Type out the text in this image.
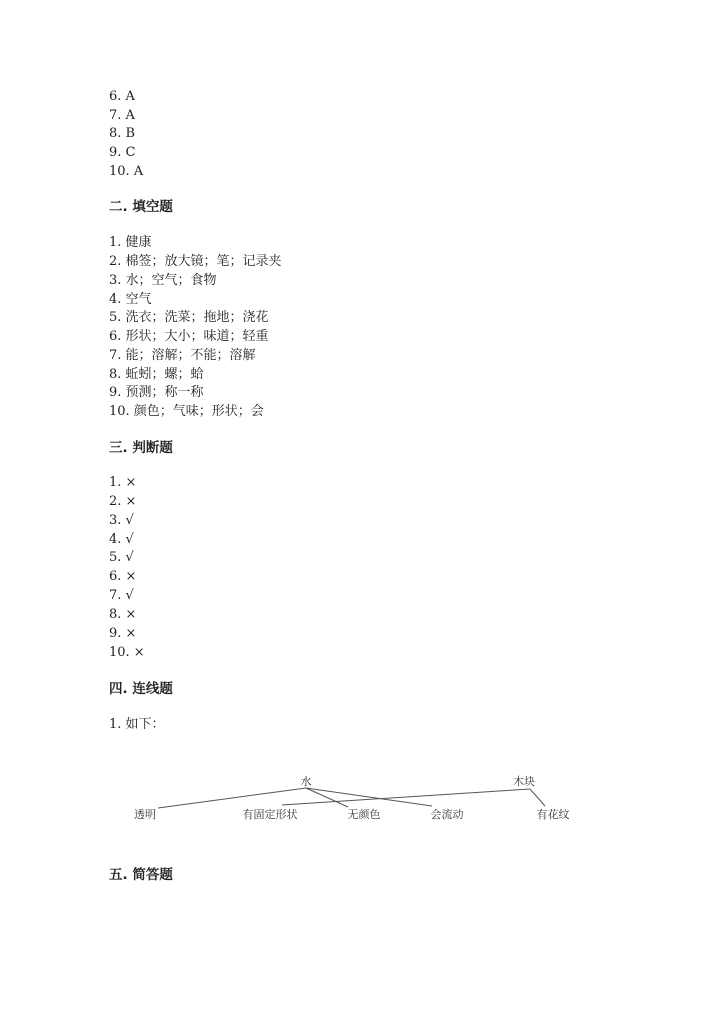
6. A
7. A
8. B
9. C
10. A
二. 填空题
1. 健康
2. 棉签；放大镜；笔；记录夹
3. 水；空气；食物
4. 空气
5. 洗衣；洗菜；拖地；浇花
6. 形状；大小；味道；轻重
7. 能；溶解；不能；溶解
8. 蚯蚓；螺；蛤
9. 预测；称一称
10. 颜色；气味；形状；会
三. 判断题
1. ×
2. ×
3. √
4. √
5. √
6. ×
7. √
8. ×
9. ×
10. ×
四. 连线题
1. 如下：
水	木块
透明	有固定形状	无颜色	会流动	有花纹
五. 简答题
